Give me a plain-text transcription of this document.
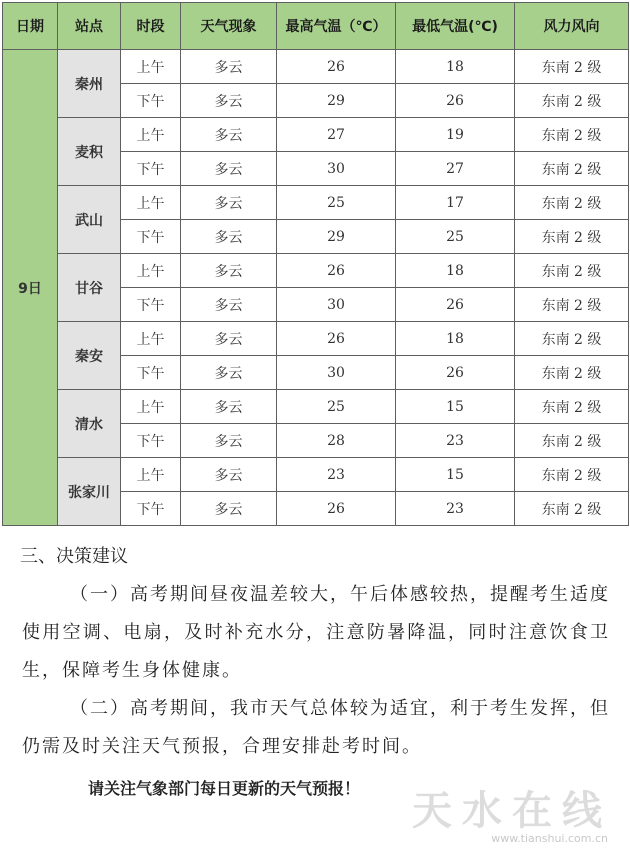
日期	站点	时段	天气现象	最高气温（℃）	最低气温(℃)	风力风向
9日	秦州	上午	多云	26	18	东南 2 级
		下午	多云	29	26	东南 2 级
	麦积	上午	多云	27	19	东南 2 级
		下午	多云	30	27	东南 2 级
	武山	上午	多云	25	17	东南 2 级
		下午	多云	29	25	东南 2 级
	甘谷	上午	多云	26	18	东南 2 级
		下午	多云	30	26	东南 2 级
	秦安	上午	多云	26	18	东南 2 级
		下午	多云	30	26	东南 2 级
	清水	上午	多云	25	15	东南 2 级
		下午	多云	28	23	东南 2 级
	张家川	上午	多云	23	15	东南 2 级
		下午	多云	26	23	东南 2 级
三、决策建议

（一）高考期间昼夜温差较大，午后体感较热，提醒考生适度使用空调、电扇，及时补充水分，注意防暑降温，同时注意饮食卫生，保障考生身体健康。

（二）高考期间，我市天气总体较为适宜，利于考生发挥，但仍需及时关注天气预报，合理安排赴考时间。

请关注气象部门每日更新的天气预报！	天水在线
www.tianshui.com.cn
